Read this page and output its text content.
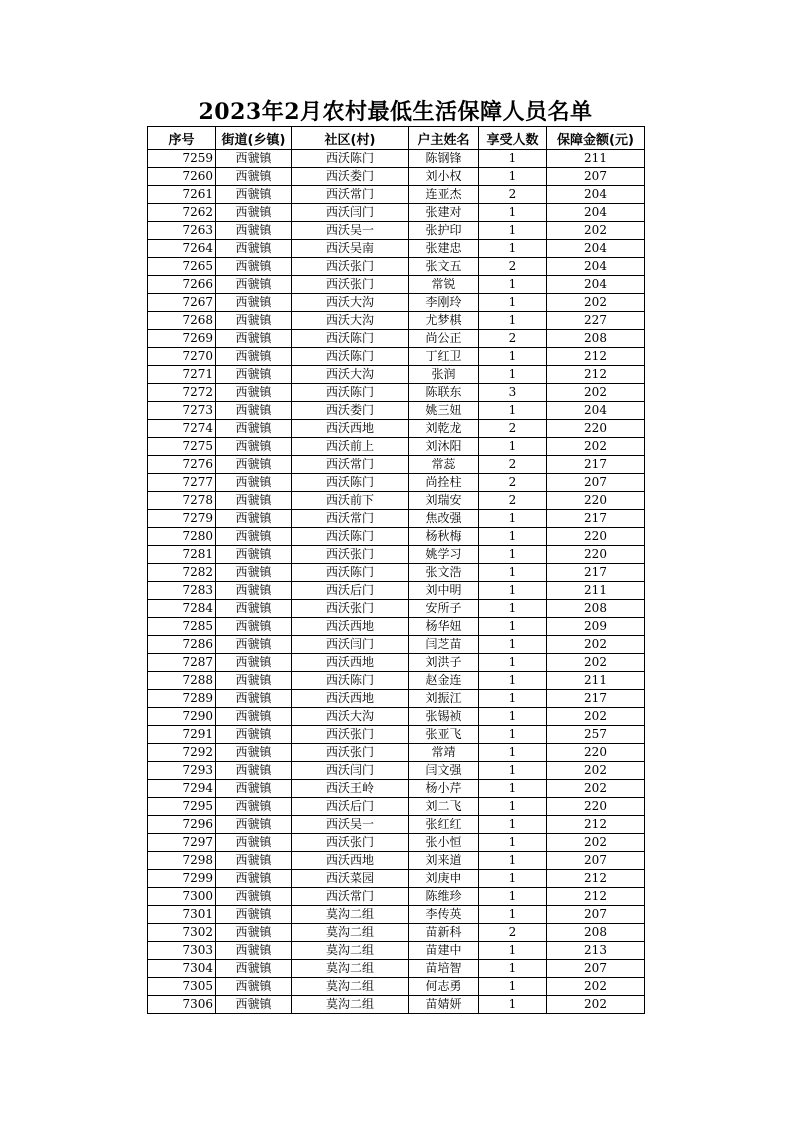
2023年2月农村最低生活保障人员名单
序号	街道(乡镇)	社区(村)	户主姓名	享受人数	保障金额(元)
7259	西虢镇	西沃陈门	陈钢锋	1	211
7260	西虢镇	西沃娄门	刘小权	1	207
7261	西虢镇	西沃常门	连亚杰	2	204
7262	西虢镇	西沃闫门	张建对	1	204
7263	西虢镇	西沃吴一	张护印	1	202
7264	西虢镇	西沃吴南	张建忠	1	204
7265	西虢镇	西沃张门	张文五	2	204
7266	西虢镇	西沃张门	常锐	1	204
7267	西虢镇	西沃大沟	李刚玲	1	202
7268	西虢镇	西沃大沟	尤梦棋	1	227
7269	西虢镇	西沃陈门	尚公正	2	208
7270	西虢镇	西沃陈门	丁红卫	1	212
7271	西虢镇	西沃大沟	张润	1	212
7272	西虢镇	西沃陈门	陈联东	3	202
7273	西虢镇	西沃娄门	姚三妞	1	204
7274	西虢镇	西沃西地	刘乾龙	2	220
7275	西虢镇	西沃前上	刘沐阳	1	202
7276	西虢镇	西沃常门	常蕊	2	217
7277	西虢镇	西沃陈门	尚拴柱	2	207
7278	西虢镇	西沃前下	刘瑞安	2	220
7279	西虢镇	西沃常门	焦改强	1	217
7280	西虢镇	西沃陈门	杨秋梅	1	220
7281	西虢镇	西沃张门	姚学习	1	220
7282	西虢镇	西沃陈门	张文浩	1	217
7283	西虢镇	西沃后门	刘中明	1	211
7284	西虢镇	西沃张门	安所子	1	208
7285	西虢镇	西沃西地	杨华妞	1	209
7286	西虢镇	西沃闫门	闫芝苗	1	202
7287	西虢镇	西沃西地	刘洪子	1	202
7288	西虢镇	西沃陈门	赵金连	1	211
7289	西虢镇	西沃西地	刘振江	1	217
7290	西虢镇	西沃大沟	张锡祯	1	202
7291	西虢镇	西沃张门	张亚飞	1	257
7292	西虢镇	西沃张门	常靖	1	220
7293	西虢镇	西沃闫门	闫文强	1	202
7294	西虢镇	西沃王岭	杨小芹	1	202
7295	西虢镇	西沃后门	刘二飞	1	220
7296	西虢镇	西沃吴一	张红红	1	212
7297	西虢镇	西沃张门	张小恒	1	202
7298	西虢镇	西沃西地	刘来道	1	207
7299	西虢镇	西沃菜园	刘庚申	1	212
7300	西虢镇	西沃常门	陈维珍	1	212
7301	西虢镇	莫沟二组	李传英	1	207
7302	西虢镇	莫沟二组	苗新科	2	208
7303	西虢镇	莫沟二组	苗建中	1	213
7304	西虢镇	莫沟二组	苗培智	1	207
7305	西虢镇	莫沟二组	何志勇	1	202
7306	西虢镇	莫沟二组	苗婧妍	1	202
